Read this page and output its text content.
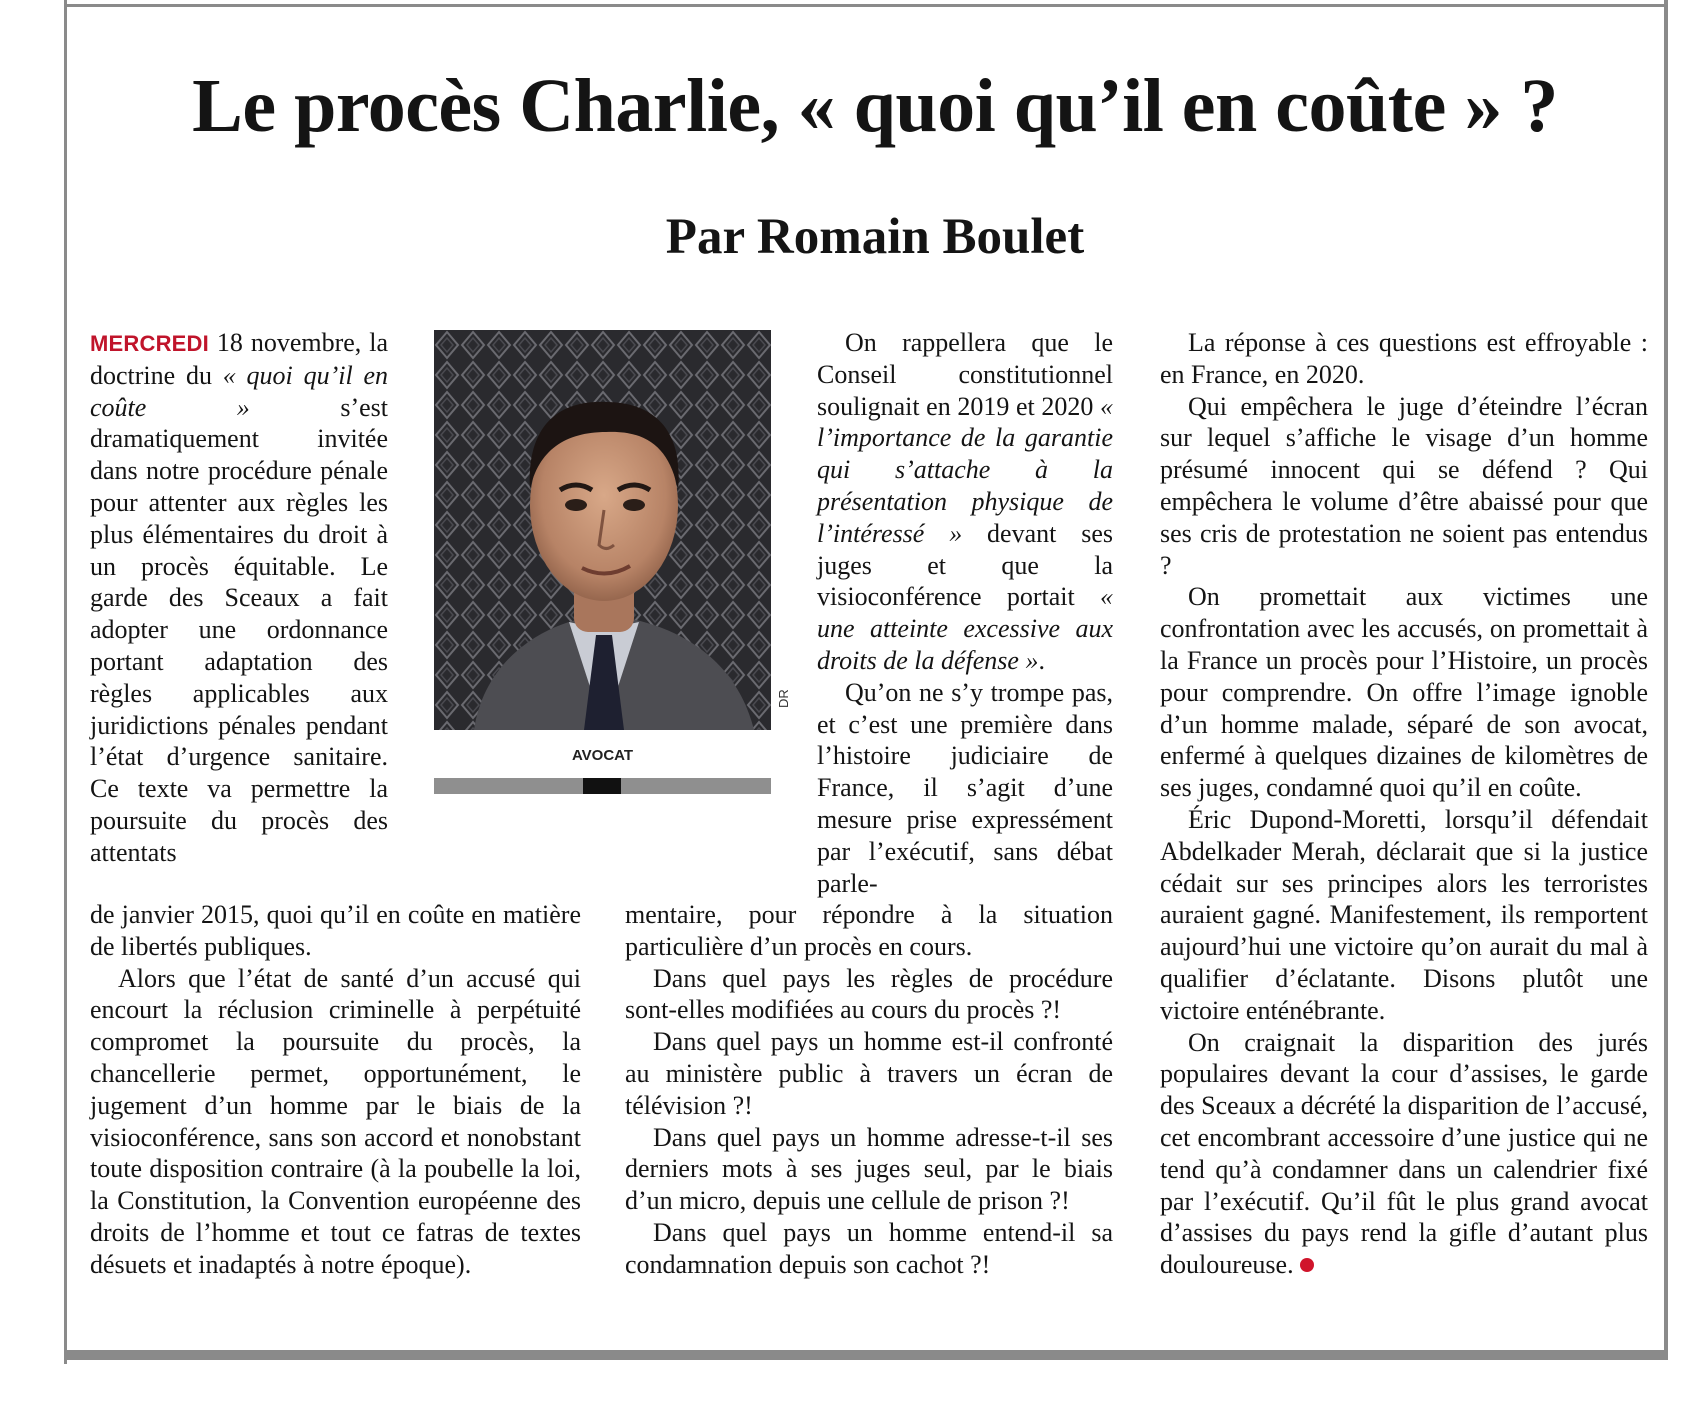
Le procès Charlie, « quoi qu’il en coûte » ?
Par Romain Boulet

MERCREDI 18 novembre, la doctrine du « quoi qu’il en coûte » s’est dramatiquement invitée dans notre procédure pénale pour attenter aux règles les plus élémentaires du droit à un procès équitable. Le garde des Sceaux a fait adopter une ordonnance portant adaptation des règles applicables aux juridictions pénales pendant l’état d’urgence sanitaire. Ce texte va permettre la poursuite du procès des attentats

de janvier 2015, quoi qu’il en coûte en matière de libertés publiques.

Alors que l’état de santé d’un accusé qui encourt la réclusion criminelle à perpétuité compromet la poursuite du procès, la chancellerie permet, opportunément, le jugement d’un homme par le biais de la visioconférence, sans son accord et nonobstant toute disposition contraire (à la poubelle la loi, la Constitution, la Convention européenne des droits de l’homme et tout ce fatras de textes désuets et inadaptés à notre époque).

DR
AVOCAT

On rappellera que le Conseil constitutionnel soulignait en 2019 et 2020 « l’importance de la garantie qui s’attache à la présentation physique de l’intéressé » devant ses juges et que la visioconférence portait « une atteinte excessive aux droits de la défense ».

Qu’on ne s’y trompe pas, et c’est une première dans l’histoire judiciaire de France, il s’agit d’une mesure prise expressément par l’exécutif, sans débat parle-

mentaire, pour répondre à la situation particulière d’un procès en cours.

Dans quel pays les règles de procédure sont-elles modifiées au cours du procès ?!

Dans quel pays un homme est-il confronté au ministère public à travers un écran de télévision ?!

Dans quel pays un homme adresse-t-il ses derniers mots à ses juges seul, par le biais d’un micro, depuis une cellule de prison ?!

Dans quel pays un homme entend-il sa condamnation depuis son cachot ?!

La réponse à ces questions est effroyable : en France, en 2020.

Qui empêchera le juge d’éteindre l’écran sur lequel s’affiche le visage d’un homme présumé innocent qui se défend ? Qui empêchera le volume d’être abaissé pour que ses cris de protestation ne soient pas entendus ?

On promettait aux victimes une confrontation avec les accusés, on promettait à la France un procès pour l’Histoire, un procès pour comprendre. On offre l’image ignoble d’un homme malade, séparé de son avocat, enfermé à quelques dizaines de kilomètres de ses juges, condamné quoi qu’il en coûte.

Éric Dupond-Moretti, lorsqu’il défendait Abdelkader Merah, déclarait que si la justice cédait sur ses principes alors les terroristes auraient gagné. Manifestement, ils remportent aujourd’hui une victoire qu’on aurait du mal à qualifier d’éclatante. Disons plutôt une victoire enténébrante.

On craignait la disparition des jurés populaires devant la cour d’assises, le garde des Sceaux a décrété la disparition de l’accusé, cet encombrant accessoire d’une justice qui ne tend qu’à condamner dans un calendrier fixé par l’exécutif. Qu’il fût le plus grand avocat d’assises du pays rend la gifle d’autant plus douloureuse.
